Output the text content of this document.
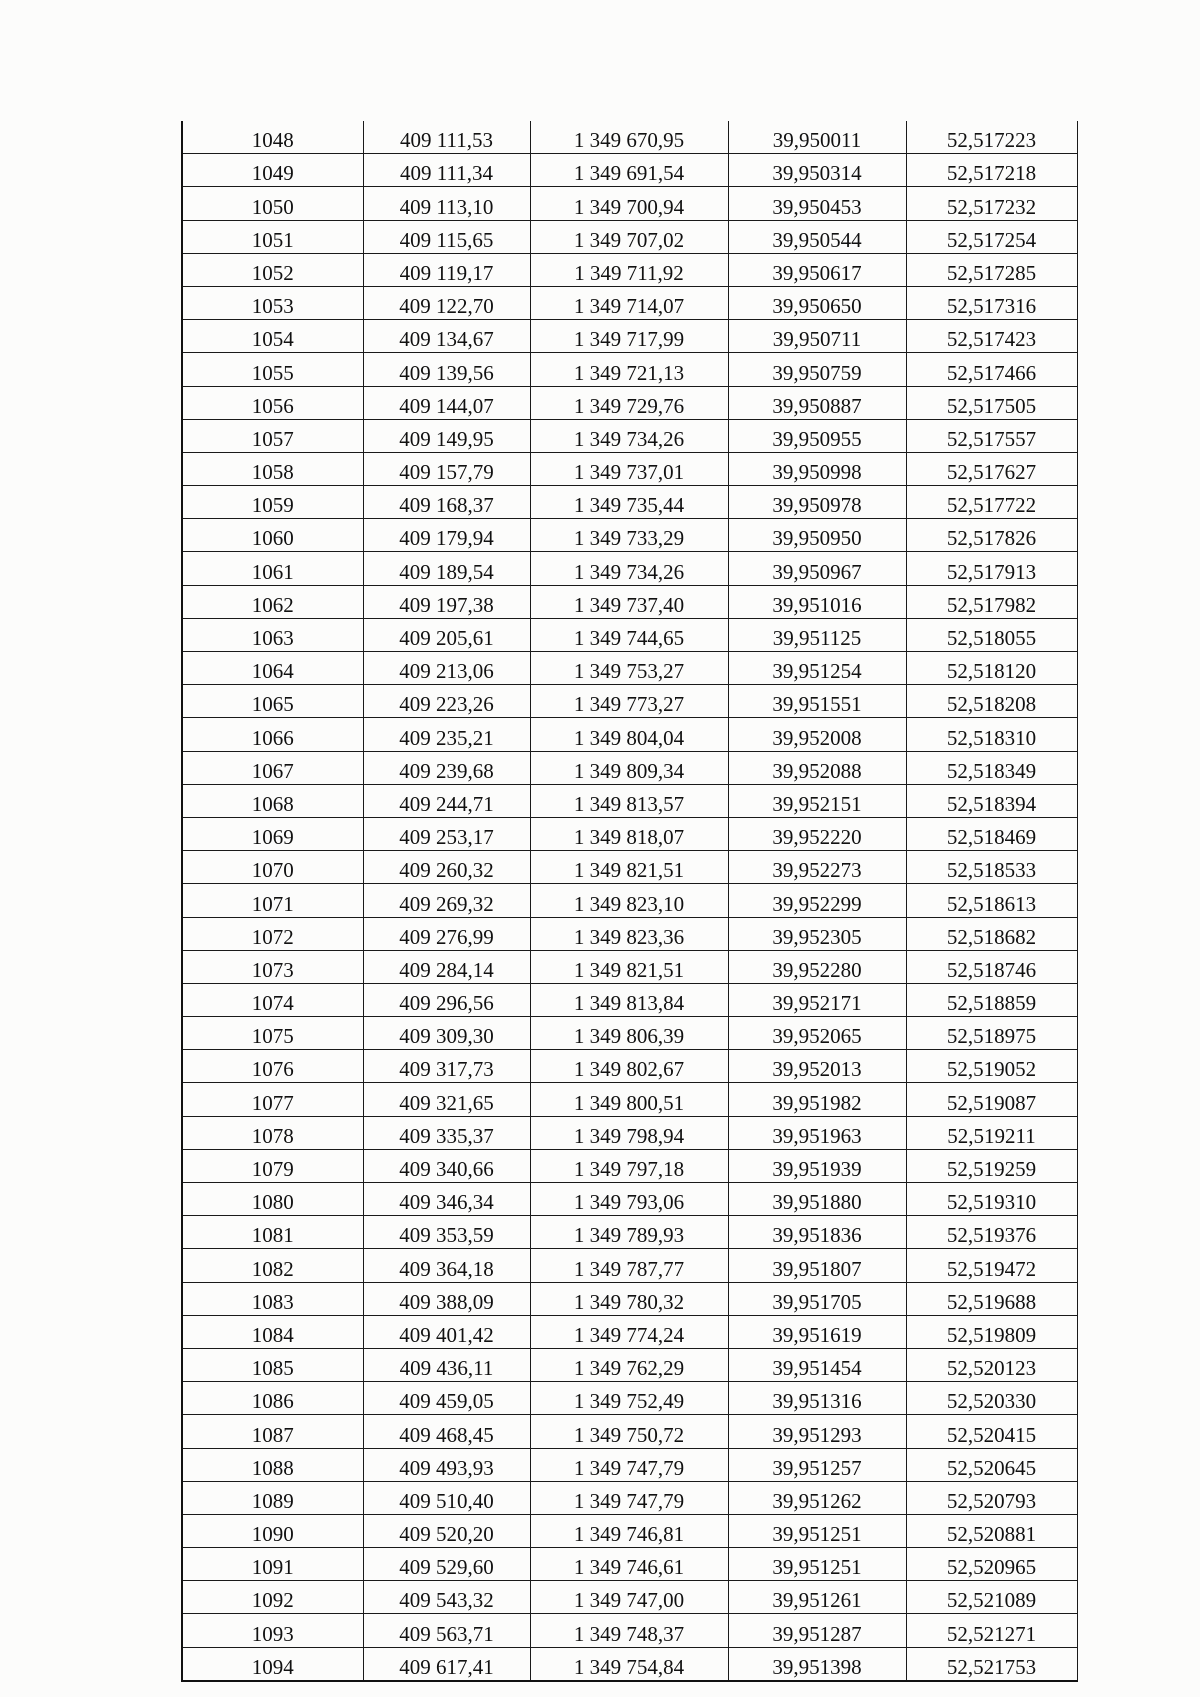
1048	409 111,53	1 349 670,95	39,950011	52,517223
1049	409 111,34	1 349 691,54	39,950314	52,517218
1050	409 113,10	1 349 700,94	39,950453	52,517232
1051	409 115,65	1 349 707,02	39,950544	52,517254
1052	409 119,17	1 349 711,92	39,950617	52,517285
1053	409 122,70	1 349 714,07	39,950650	52,517316
1054	409 134,67	1 349 717,99	39,950711	52,517423
1055	409 139,56	1 349 721,13	39,950759	52,517466
1056	409 144,07	1 349 729,76	39,950887	52,517505
1057	409 149,95	1 349 734,26	39,950955	52,517557
1058	409 157,79	1 349 737,01	39,950998	52,517627
1059	409 168,37	1 349 735,44	39,950978	52,517722
1060	409 179,94	1 349 733,29	39,950950	52,517826
1061	409 189,54	1 349 734,26	39,950967	52,517913
1062	409 197,38	1 349 737,40	39,951016	52,517982
1063	409 205,61	1 349 744,65	39,951125	52,518055
1064	409 213,06	1 349 753,27	39,951254	52,518120
1065	409 223,26	1 349 773,27	39,951551	52,518208
1066	409 235,21	1 349 804,04	39,952008	52,518310
1067	409 239,68	1 349 809,34	39,952088	52,518349
1068	409 244,71	1 349 813,57	39,952151	52,518394
1069	409 253,17	1 349 818,07	39,952220	52,518469
1070	409 260,32	1 349 821,51	39,952273	52,518533
1071	409 269,32	1 349 823,10	39,952299	52,518613
1072	409 276,99	1 349 823,36	39,952305	52,518682
1073	409 284,14	1 349 821,51	39,952280	52,518746
1074	409 296,56	1 349 813,84	39,952171	52,518859
1075	409 309,30	1 349 806,39	39,952065	52,518975
1076	409 317,73	1 349 802,67	39,952013	52,519052
1077	409 321,65	1 349 800,51	39,951982	52,519087
1078	409 335,37	1 349 798,94	39,951963	52,519211
1079	409 340,66	1 349 797,18	39,951939	52,519259
1080	409 346,34	1 349 793,06	39,951880	52,519310
1081	409 353,59	1 349 789,93	39,951836	52,519376
1082	409 364,18	1 349 787,77	39,951807	52,519472
1083	409 388,09	1 349 780,32	39,951705	52,519688
1084	409 401,42	1 349 774,24	39,951619	52,519809
1085	409 436,11	1 349 762,29	39,951454	52,520123
1086	409 459,05	1 349 752,49	39,951316	52,520330
1087	409 468,45	1 349 750,72	39,951293	52,520415
1088	409 493,93	1 349 747,79	39,951257	52,520645
1089	409 510,40	1 349 747,79	39,951262	52,520793
1090	409 520,20	1 349 746,81	39,951251	52,520881
1091	409 529,60	1 349 746,61	39,951251	52,520965
1092	409 543,32	1 349 747,00	39,951261	52,521089
1093	409 563,71	1 349 748,37	39,951287	52,521271
1094	409 617,41	1 349 754,84	39,951398	52,521753
